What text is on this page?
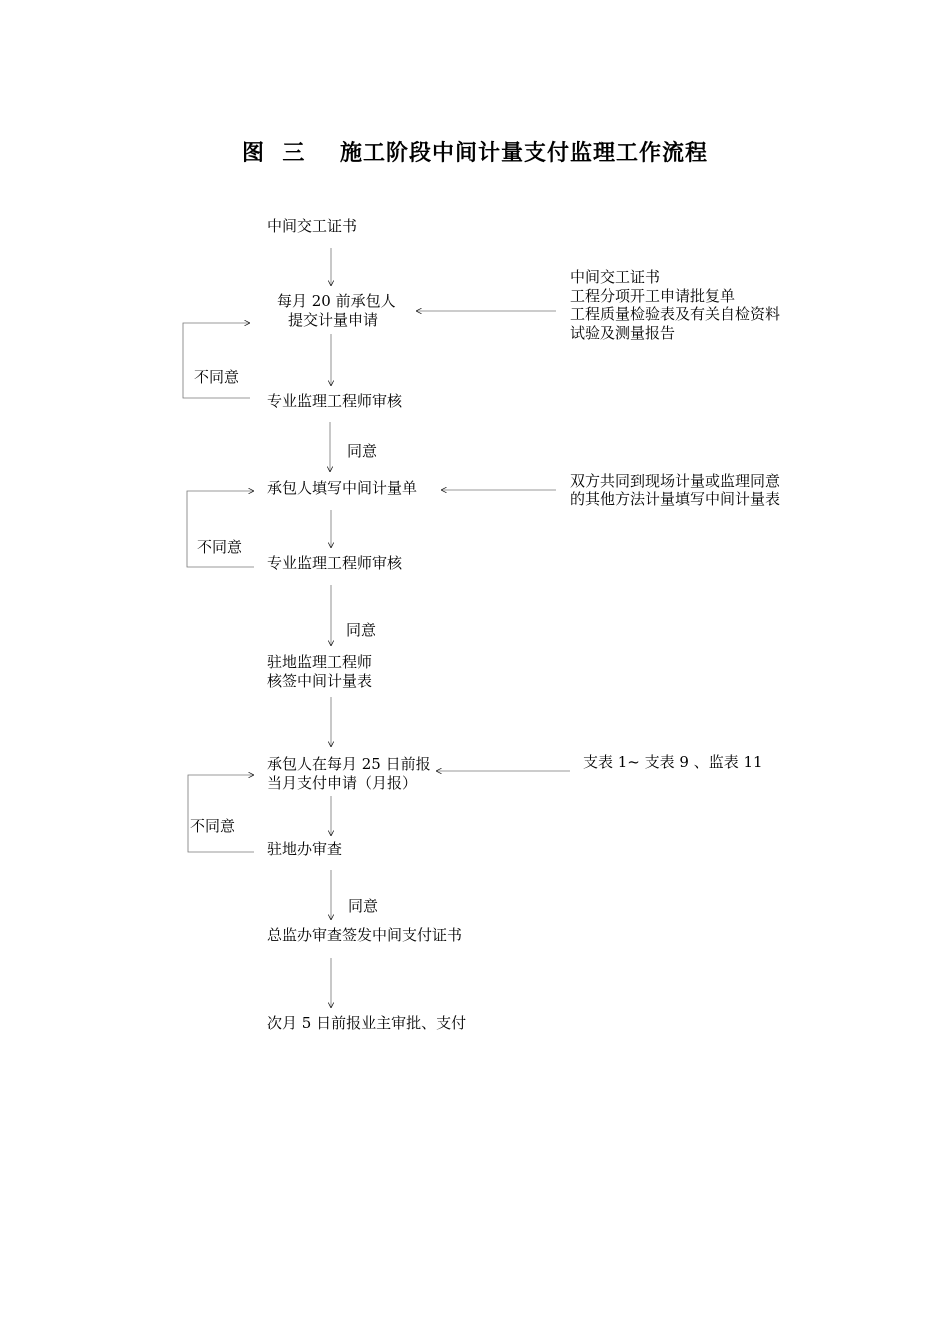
图  三    施工阶段中间计量支付监理工作流程
中间交工证书
每月 20 前承包人
提交计量申请
专业监理工程师审核
承包人填写中间计量单
专业监理工程师审核
驻地监理工程师
核签中间计量表
承包人在每月 25 日前报
当月支付申请（月报）
驻地办审查
总监办审查签发中间支付证书
次月 5 日前报业主审批、支付
中间交工证书
工程分项开工申请批复单
工程质量检验表及有关自检资料
试验及测量报告
双方共同到现场计量或监理同意
的其他方法计量填写中间计量表
支表 1~ 支表 9 、监表 11
同意
同意
同意
不同意
不同意
不同意
